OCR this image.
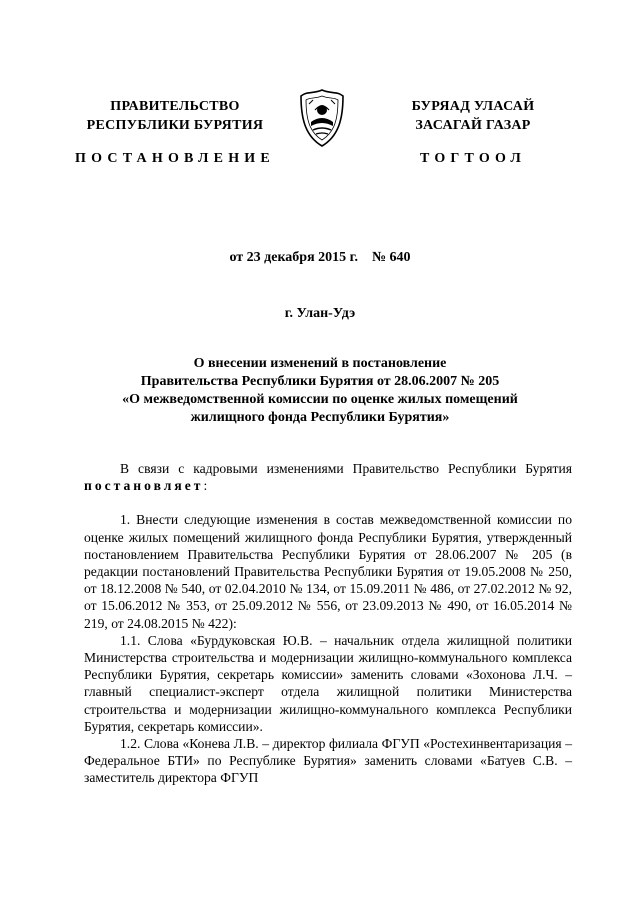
ПРАВИТЕЛЬСТВО
РЕСПУБЛИКИ БУРЯТИЯ
БУРЯАД УЛАСАЙ
ЗАСАГАЙ ГАЗАР
ПОСТАНОВЛЕНИЕ	ТОГТООЛ
от 23 декабря 2015 г. № 640
г. Улан-Удэ
О внесении изменений в постановление
Правительства Республики Бурятия от 28.06.2007 № 205
«О межведомственной комиссии по оценке жилых помещений
жилищного фонда Республики Бурятия»

В связи с кадровыми изменениями Правительство Республики Бурятия постановляет:

1. Внести следующие изменения в состав межведомственной комиссии по оценке жилых помещений жилищного фонда Республики Бурятия, утвержденный постановлением Правительства Республики Бурятия от 28.06.2007 № 205 (в редакции постановлений Правительства Республики Бурятия от 19.05.2008 № 250, от 18.12.2008 № 540, от 02.04.2010 № 134, от 15.09.2011 № 486, от 27.02.2012 № 92, от 15.06.2012 № 353, от 25.09.2012 № 556, от 23.09.2013 № 490, от 16.05.2014 № 219, от 24.08.2015 № 422):

1.1. Слова «Бурдуковская Ю.В. – начальник отдела жилищной политики Министерства строительства и модернизации жилищно-коммунального комплекса Республики Бурятия, секретарь комиссии» заменить словами «Зохонова Л.Ч. – главный специалист-эксперт отдела жилищной политики Министерства строительства и модернизации жилищно-коммунального комплекса Республики Бурятия, секретарь комиссии».

1.2. Слова «Конева Л.В. – директор филиала ФГУП «Ростехинвентаризация – Федеральное БТИ» по Республике Бурятия» заменить словами «Батуев С.В. – заместитель директора ФГУП
